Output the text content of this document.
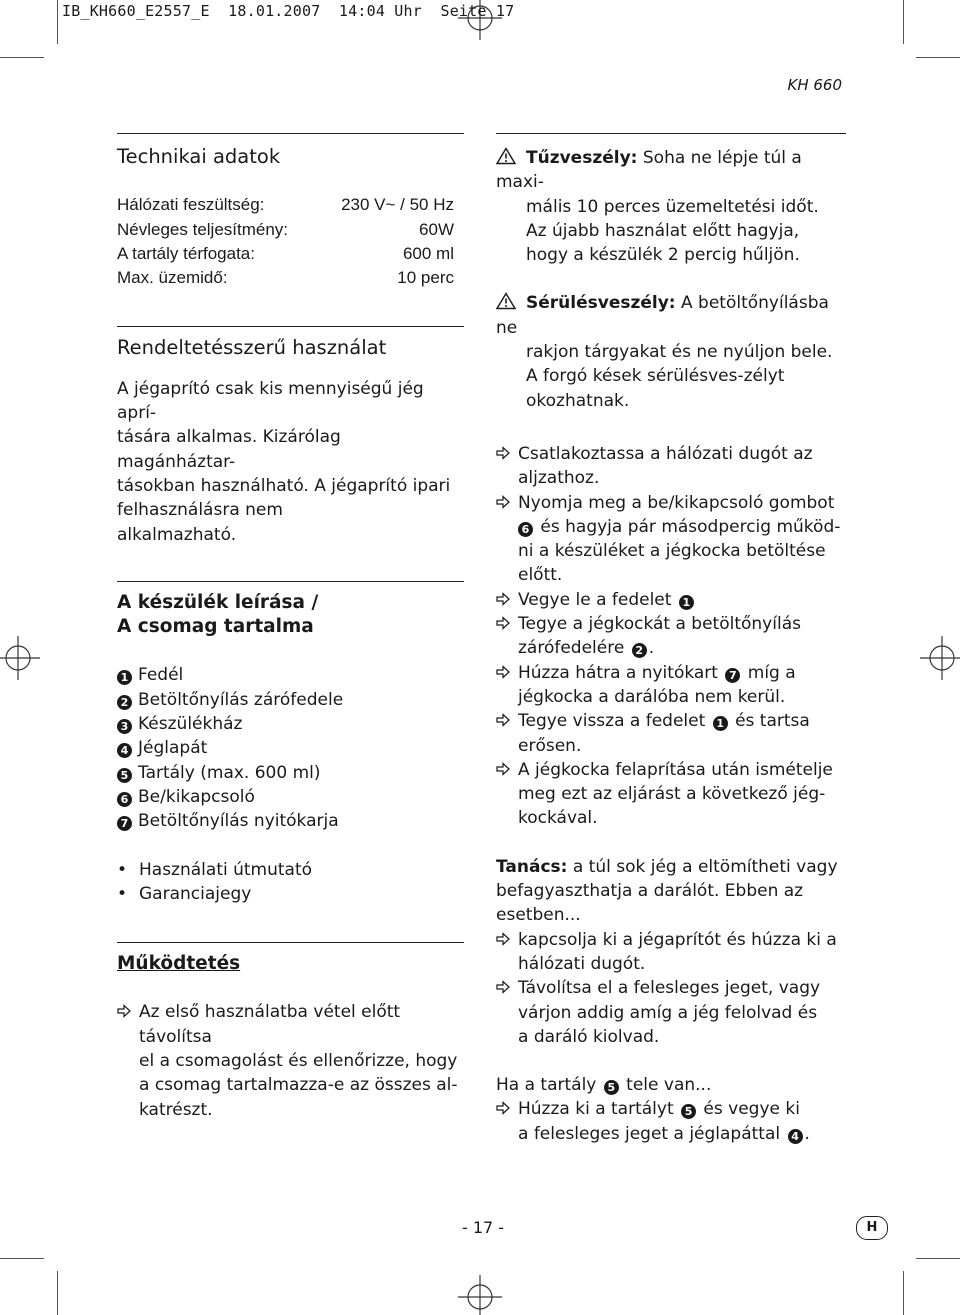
IB_KH660_E2557_E  18.01.2007  14:04 Uhr  Seite 17
KH 660
Technikai adatok
Hálózati feszültség:	230 V~ / 50 Hz
Névleges teljesítmény:	60W
A tartály térfogata:	600 ml
Max. üzemidő:	10 perc
Rendeltetésszerű használat

A jégaprító csak kis mennyiségű jég aprí-

tására alkalmas. Kizárólag magánháztar-

tásokban használható. A jégaprító ipari

felhasználásra nem

alkalmazható.

A készülék leírása /
A csomag tartalma

1 Fedél

2 Betöltőnyílás zárófedele

3 Készülékház

4 Jéglapát

5 Tartály (max. 600 ml)

6 Be/kikapcsoló

7 Betöltőnyílás nyitókarja

• Használati útmutató

• Garanciajegy

Működtetés

Az első használatba vétel előtt távolítsa

el a csomagolást és ellenőrizze, hogy

a csomag tartalmazza-e az összes al-

katrészt.

Tűzveszély: Soha ne lépje túl a maxi-

mális 10 perces üzemeltetési időt.

Az újabb használat előtt hagyja,

hogy a készülék 2 percig hűljön.

Sérülésveszély: A betöltőnyílásba ne

rakjon tárgyakat és ne nyúljon bele.

A forgó kések sérülésves-zélyt

okozhatnak.

Csatlakoztassa a hálózati dugót az

aljzathoz.

Nyomja meg a be/kikapcsoló gombot

6 és hagyja pár másodpercig működ-

ni a készüléket a jégkocka betöltése

előtt.

Vegye le a fedelet 1

Tegye a jégkockát a betöltőnyílás

zárófedelére 2 .

Húzza hátra a nyitókart 7 míg a

jégkocka a darálóba nem kerül.

Tegye vissza a fedelet 1 és tartsa

erősen.

A jégkocka felaprítása után ismételje

meg ezt az eljárást a következő jég-

kockával.

Tanács: a túl sok jég a eltömítheti vagy

befagyaszthatja a darálót. Ebben az

esetben...

kapcsolja ki a jégaprítót és húzza ki a

hálózati dugót.

Távolítsa el a felesleges jeget, vagy

várjon addig amíg a jég felolvad és

a daráló kiolvad.

Ha a tartály 5 tele van...

Húzza ki a tartályt 5 és vegye ki

a felesleges jeget a jéglapáttal 4 .

- 17 -	H
